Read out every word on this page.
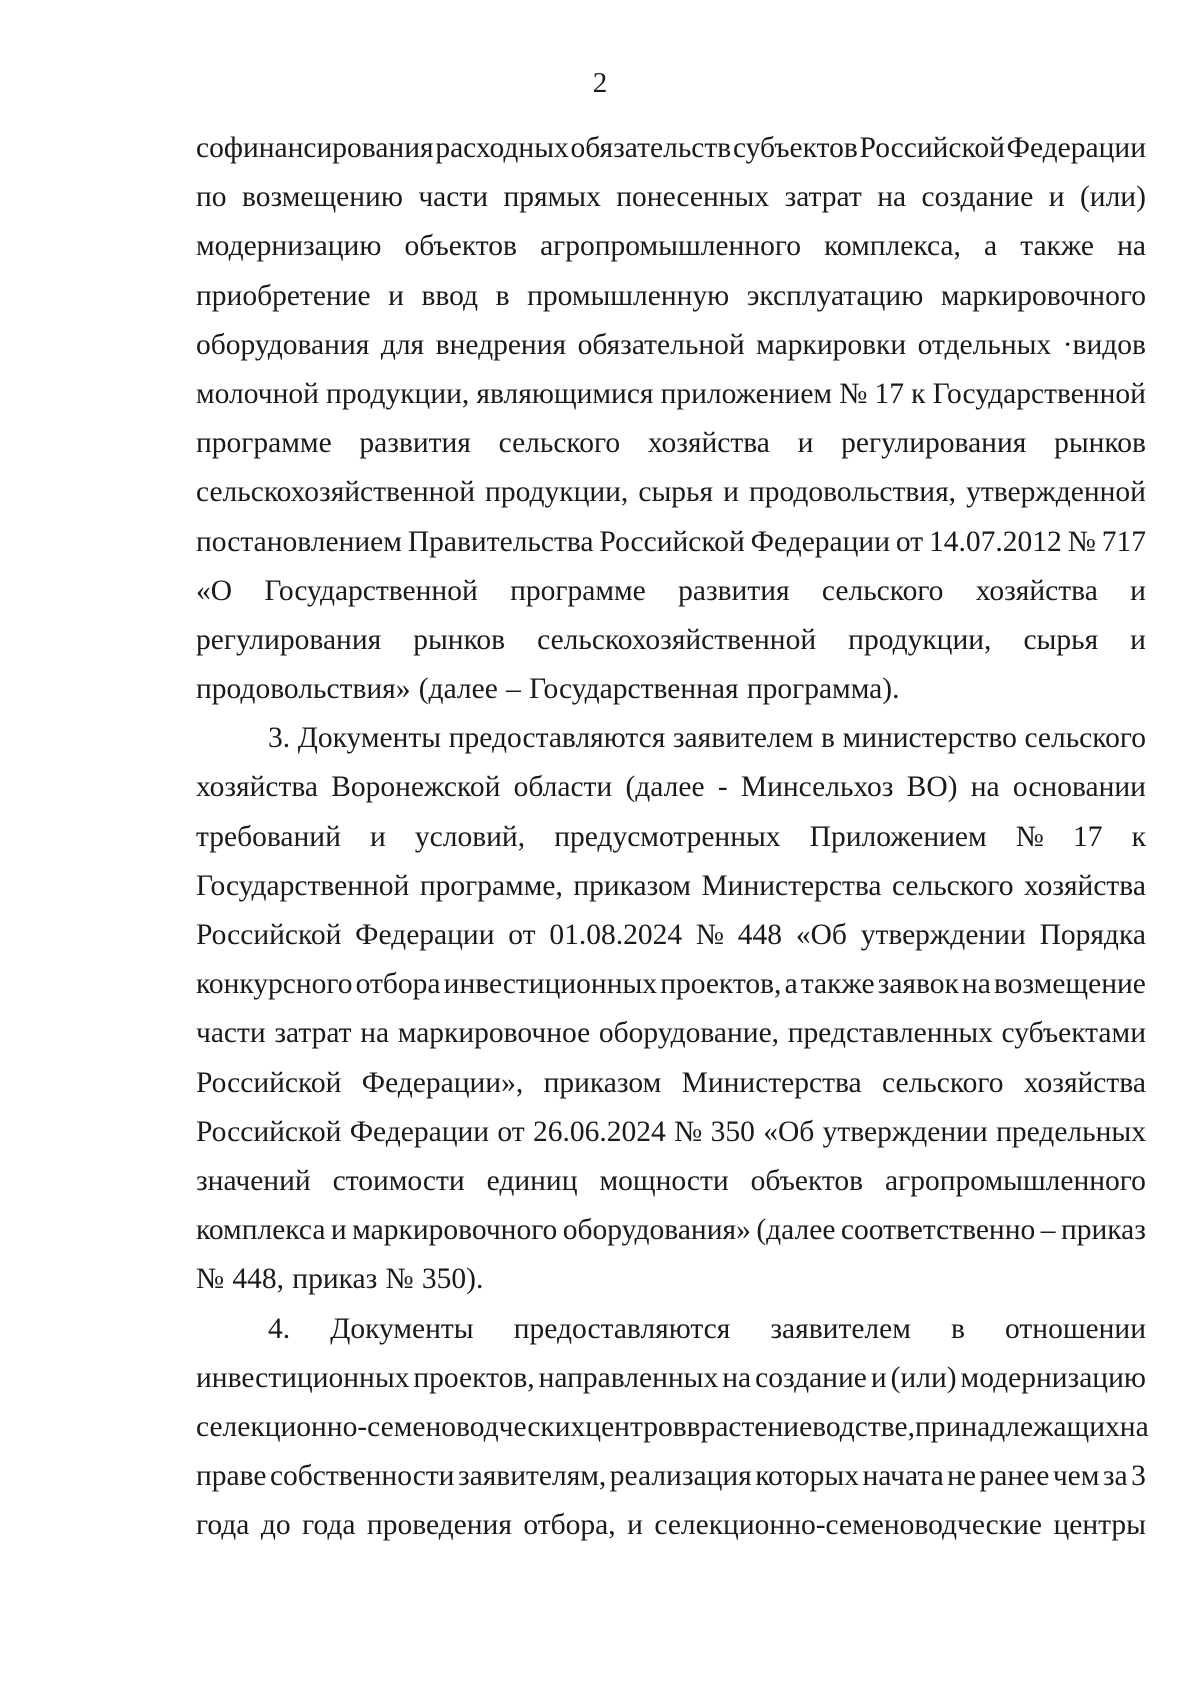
2
софинансирования расходных обязательств субъектов Российской Федерации
по возмещению части прямых понесенных затрат на создание и (или)
модернизацию объектов агропромышленного комплекса, а также на
приобретение и ввод в промышленную эксплуатацию маркировочного
оборудования для внедрения обязательной маркировки отдельных ·видов
молочной продукции, являющимися приложением № 17 к Государственной
программе развития сельского хозяйства и регулирования рынков
сельскохозяйственной продукции, сырья и продовольствия, утвержденной
постановлением Правительства Российской Федерации от 14.07.2012 № 717
«О Государственной программе развития сельского хозяйства и
регулирования рынков сельскохозяйственной продукции, сырья и
продовольствия» (далее – Государственная программа).
3. Документы предоставляются заявителем в министерство сельского
хозяйства Воронежской области (далее - Минсельхоз ВО) на основании
требований и условий, предусмотренных Приложением № 17 к
Государственной программе, приказом Министерства сельского хозяйства
Российской Федерации от 01.08.2024 № 448 «Об утверждении Порядка
конкурсного отбора инвестиционных проектов, а также заявок на возмещение
части затрат на маркировочное оборудование, представленных субъектами
Российской Федерации», приказом Министерства сельского хозяйства
Российской Федерации от 26.06.2024 № 350 «Об утверждении предельных
значений стоимости единиц мощности объектов агропромышленного
комплекса и маркировочного оборудования» (далее соответственно – приказ
№ 448, приказ № 350).
4. Документы предоставляются заявителем в отношении
инвестиционных проектов, направленных на создание и (или) модернизацию
селекционно-семеноводческих центров в растениеводстве, принадлежащих на
праве собственности заявителям, реализация которых начата не ранее чем за 3
года до года проведения отбора, и селекционно-семеноводческие центры
